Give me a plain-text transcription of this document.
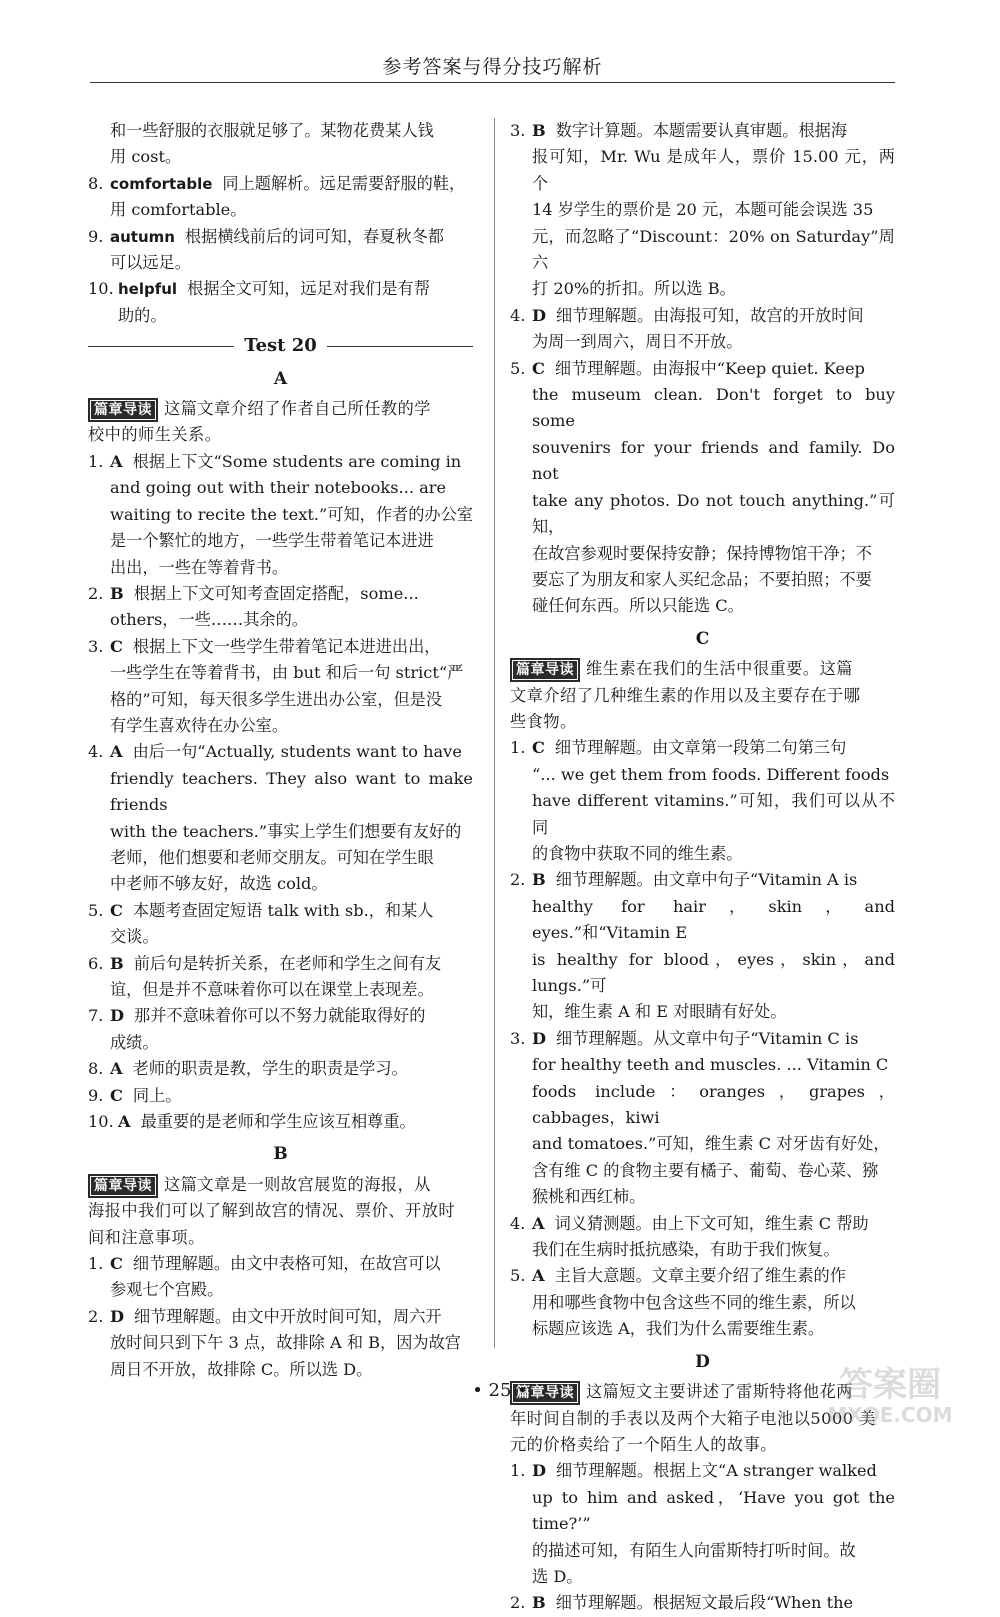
参考答案与得分技巧解析
和一些舒服的衣服就足够了。某物花费某人钱
用 cost。
8. comfortable 同上题解析。远足需要舒服的鞋，
用 comfortable。
9. autumn 根据横线前后的词可知，春夏秋冬都
可以远足。
10. helpful 根据全文可知，远足对我们是有帮
助的。
Test 20
A
篇章导读 这篇文章介绍了作者自己所任教的学
校中的师生关系。
1. A 根据上下文“Some students are coming in
and going out with their notebooks... are
waiting to recite the text.”可知，作者的办公室
是一个繁忙的地方，一些学生带着笔记本进进
出出，一些在等着背书。
2. B 根据上下文可知考查固定搭配，some...
others，一些……其余的。
3. C 根据上下文一些学生带着笔记本进进出出，
一些学生在等着背书，由 but 和后一句 strict“严
格的”可知，每天很多学生进出办公室，但是没
有学生喜欢待在办公室。
4. A 由后一句“Actually, students want to have
friendly teachers. They also want to make friends
with the teachers.”事实上学生们想要有友好的
老师，他们想要和老师交朋友。可知在学生眼
中老师不够友好，故选 cold。
5. C 本题考查固定短语 talk with sb.，和某人
交谈。
6. B 前后句是转折关系，在老师和学生之间有友
谊，但是并不意味着你可以在课堂上表现差。
7. D 那并不意味着你可以不努力就能取得好的
成绩。
8. A 老师的职责是教，学生的职责是学习。
9. C 同上。
10. A 最重要的是老师和学生应该互相尊重。
B
篇章导读 这篇文章是一则故宫展览的海报，从
海报中我们可以了解到故宫的情况、票价、开放时
间和注意事项。
1. C 细节理解题。由文中表格可知，在故宫可以
参观七个宫殿。
2. D 细节理解题。由文中开放时间可知，周六开
放时间只到下午 3 点，故排除 A 和 B，因为故宫
周日不开放，故排除 C。所以选 D。
3. B 数字计算题。本题需要认真审题。根据海
报可知，Mr. Wu 是成年人，票价 15.00 元，两个
14 岁学生的票价是 20 元，本题可能会误选 35
元，而忽略了“Discount：20% on Saturday”周六
打 20%的折扣。所以选 B。
4. D 细节理解题。由海报可知，故宫的开放时间
为周一到周六，周日不开放。
5. C 细节理解题。由海报中“Keep quiet. Keep
the museum clean. Don't forget to buy some
souvenirs for your friends and family. Do not
take any photos. Do not touch anything.”可知，
在故宫参观时要保持安静；保持博物馆干净；不
要忘了为朋友和家人买纪念品；不要拍照；不要
碰任何东西。所以只能选 C。
C
篇章导读 维生素在我们的生活中很重要。这篇
文章介绍了几种维生素的作用以及主要存在于哪
些食物。
1. C 细节理解题。由文章第一段第二句第三句
“... we get them from foods. Different foods
have different vitamins.”可知，我们可以从不同
的食物中获取不同的维生素。
2. B 细节理解题。由文章中句子“Vitamin A is
healthy for hair，skin，and eyes.”和“Vitamin E
is healthy for blood，eyes，skin，and lungs.”可
知，维生素 A 和 E 对眼睛有好处。
3. D 细节理解题。从文章中句子“Vitamin C is
for healthy teeth and muscles. ... Vitamin C
foods include：oranges，grapes，cabbages，kiwi
and tomatoes.”可知，维生素 C 对牙齿有好处，
含有维 C 的食物主要有橘子、葡萄、卷心菜、猕
猴桃和西红柿。
4. A 词义猜测题。由上下文可知，维生素 C 帮助
我们在生病时抵抗感染，有助于我们恢复。
5. A 主旨大意题。文章主要介绍了维生素的作
用和哪些食物中包含这些不同的维生素，所以
标题应该选 A，我们为什么需要维生素。
D
篇章导读 这篇短文主要讲述了雷斯特将他花两
年时间自制的手表以及两个大箱子电池以5000 美
元的价格卖给了一个陌生人的故事。
1. D 细节理解题。根据上文“A stranger walked
up to him and asked，‘Have you got the time?’”
的描述可知，有陌生人向雷斯特打听时间。故
选 D。
2. B 细节理解题。根据短文最后段“When the
• 25 •	答案圈
MXQE.COM
